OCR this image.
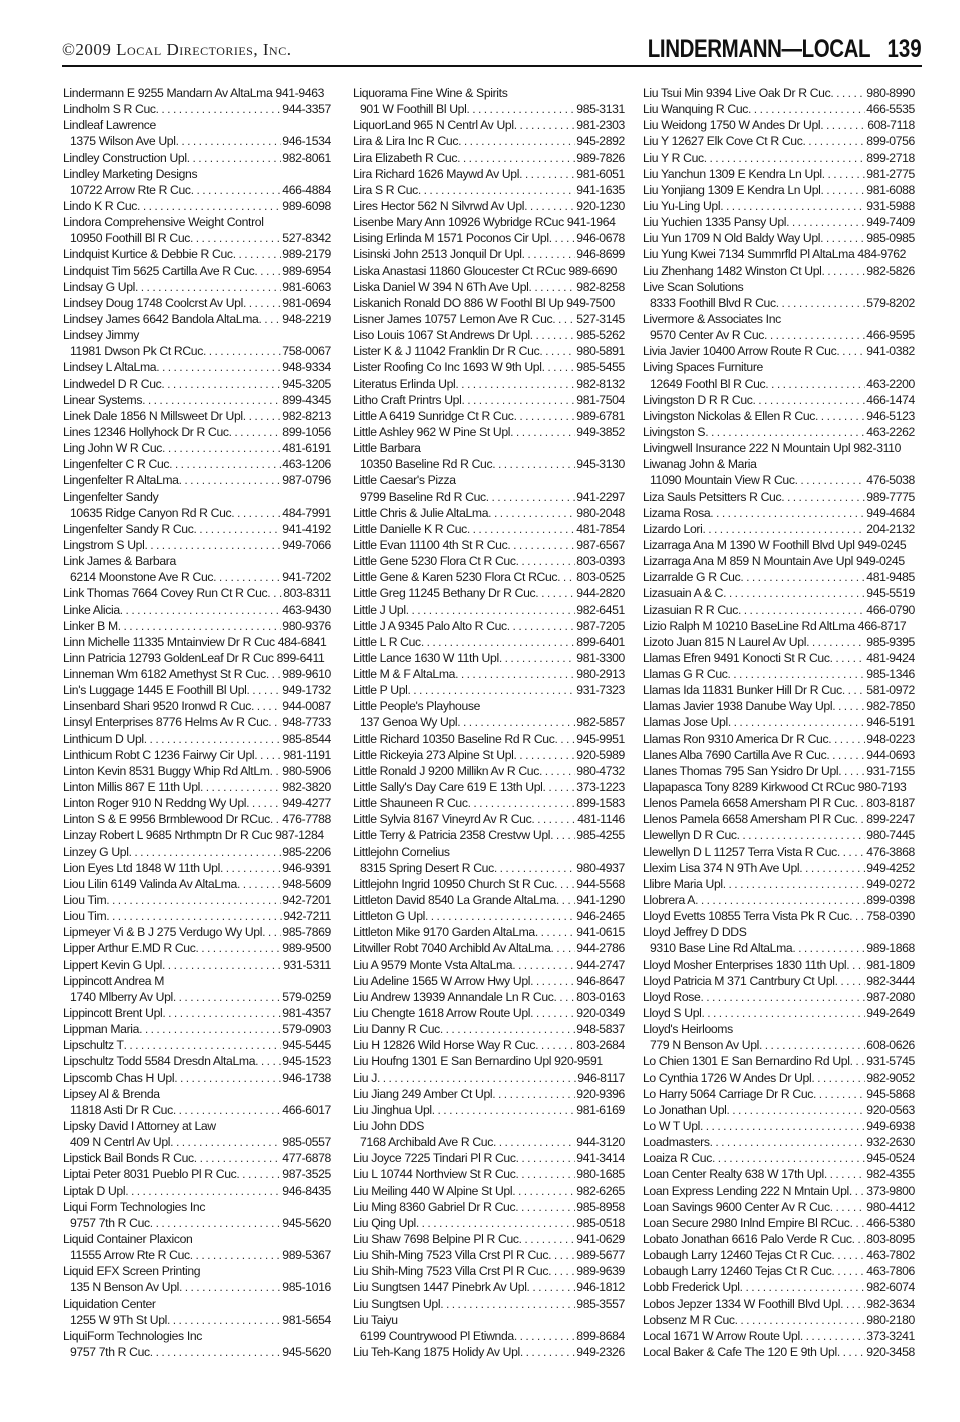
©2009 Local Directories, Inc.	LINDERMANN—LOCAL 139
Lindermann E 9255 Mandarn Av AltaLma 941-9463
Lindholm S R Cuc . . .	944-3357
Lindleaf Lawrence
1375 Wilson Ave Upl . . .	946-1534
Lindley Construction Upl . . .	982-8061
Lindley Marketing Designs
10722 Arrow Rte R Cuc . . .	466-4884
Lindo K R Cuc . . .	989-6098
Lindora Comprehensive Weight Control
10950 Foothill Bl R Cuc . . .	527-8342
Lindquist Kurtice & Debbie R Cuc . . .	989-2179
Lindquist Tim 5625 Cartilla Ave R Cuc . . . 989-6954
Lindsay G Upl . . .	981-6063
Lindsey Doug 1748 Coolcrst Av Upl . . .	981-0694
Lindsey James 6642 Bandola AltaLma . . . 948-2219
Lindsey Jimmy
11981 Dwson Pk Ct RCuc . . .	758-0067
Lindsey L AltaLma . . .	948-9334
Lindwedel D R Cuc . . .	945-3205
Linear Systems . . .	899-4345
Linek Dale 1856 N Millsweet Dr Upl . . .	982-8213
Lines 12346 Hollyhock Dr R Cuc . . .	899-1056
Ling John W R Cuc . . .	481-6191
Lingenfelter C R Cuc . . .	463-1206
Lingenfelter R AltaLma . . .	987-0796
Lingenfelter Sandy
10635 Ridge Canyon Rd R Cuc . . .	484-7991
Lingenfelter Sandy R Cuc . . .	941-4192
Lingstrom S Upl . . .	949-7066
Link James & Barbara
6214 Moonstone Ave R Cuc . . .	941-7202
Link Thomas 7664 Covey Run Ct R Cuc . . . 803-8311
Linke Alicia . . .	463-9430
Linker B M . . .	980-9376
Linn Michelle 11335 Mntainview Dr R Cuc 484-6841
Linn Patricia 12793 GoldenLeaf Dr R Cuc 899-6411
Linneman Wm 6182 Amethyst St R Cuc . . . 989-9610
Lin's Luggage 1445 E Foothill Bl Upl . . .	949-1732
Linsenbard Shari 9520 Ironwd R Cuc . . .	944-0087
Linsyl Enterprises 8776 Helms Av R Cuc . . . 948-7733
Linthicum D Upl . . .	985-8544
Linthicum Robt C 1236 Fairwy Cir Upl . . . 981-1191
Linton Kevin 8531 Buggy Whip Rd AltLm . . . 980-5906
Linton Millis 867 E 11th Upl . . .	982-3820
Linton Roger 910 N Reddng Wy Upl . . .	949-4277
Linton S & E 9956 Brmblewood Dr RCuc . . . 476-7788
Linzay Robert L 9685 Nrthmptn Dr R Cuc 987-1284
Linzey G Upl . . .	985-2206
Lion Eyes Ltd 1848 W 11th Upl . . .	946-9391
Liou Lilin 6149 Valinda Av AltaLma . . .	948-5609
Liou Tim . . .	942-7201
Liou Tim . . .	942-7211
Lipmeyer Vi & B J 275 Verdugo Wy Upl . . . 985-7869
Lipper Arthur E.MD R Cuc . . .	989-9500
Lippert Kevin G Upl . . .	931-5311
Lippincott Andrea M
1740 Mlberry Av Upl . . .	579-0259
Lippincott Brent Upl . . .	981-4357
Lippman Maria . . .	579-0903
Lipschultz T . . .	945-5445
Lipschultz Todd 5584 Dresdn AltaLma . . . 945-1523
Lipscomb Chas H Upl . . .	946-1738
Lipsey Al & Brenda
11818 Asti Dr R Cuc . . .	466-6017
Lipsky David I Attorney at Law
409 N Centrl Av Upl . . .	985-0557
Lipstick Bail Bonds R Cuc . . .	477-6878
Liptai Peter 8031 Pueblo Pl R Cuc . . .	987-3525
Liptak D Upl . . .	946-8435
Liqui Form Technologies Inc
9757 7th R Cuc . . .	945-5620
Liquid Container Plaxicon
11555 Arrow Rte R Cuc . . .	989-5367
Liquid EFX Screen Printing
135 N Benson Av Upl . . .	985-1016
Liquidation Center
1255 W 9Th St Upl . . .	981-5654
LiquiForm Technologies Inc
9757 7th R Cuc . . .	945-5620
Liquorama Fine Wine & Spirits
901 W Foothill Bl Upl . . .	985-3131
LiquorLand 965 N Centrl Av Upl . . .	981-2303
Lira & Lira Inc R Cuc . . .	945-2892
Lira Elizabeth R Cuc . . .	989-7826
Lira Richard 1626 Maywd Av Upl . . .	981-6051
Lira S R Cuc . . .	941-1635
Lires Hector 562 N Silvrwd Av Upl . . .	920-1230
Lisenbe Mary Ann 10926 Wybridge RCuc 941-1964
Lising Erlinda M 1571 Poconos Cir Upl . . . 946-0678
Lisinski John 2513 Jonquil Dr Upl . . .	946-8699
Liska Anastasi 11860 Gloucester Ct RCuc 989-6690
Liska Daniel W 394 N 6Th Ave Upl . . .	982-8258
Liskanich Ronald DO 886 W Foothl Bl Up 949-7500
Lisner James 10757 Lemon Ave R Cuc . . . 527-3145
Liso Louis 1067 St Andrews Dr Upl . . .	985-5262
Lister K & J 11042 Franklin Dr R Cuc . . .	980-5891
Lister Roofing Co Inc 1693 W 9th Upl . . .	985-5455
Literatus Erlinda Upl . . .	982-8132
Litho Craft Printrs Upl . . .	981-7504
Little A 6419 Sunridge Ct R Cuc . . .	989-6781
Little Ashley 962 W Pine St Upl . . .	949-3852
Little Barbara
10350 Baseline Rd R Cuc . . .	945-3130
Little Caesar's Pizza
9799 Baseline Rd R Cuc . . .	941-2297
Little Chris & Julie AltaLma . . .	980-2048
Little Danielle K R Cuc . . .	481-7854
Little Evan 11100 4th St R Cuc . . .	987-6567
Little Gene 5230 Flora Ct R Cuc . . .	803-0393
Little Gene & Karen 5230 Flora Ct RCuc . . . 803-0525
Little Greg 11245 Bethany Dr R Cuc . . .	944-2820
Little J Upl . . .	982-6451
Little J A 9345 Palo Alto R Cuc . . .	987-7205
Little L R Cuc . . .	899-6401
Little Lance 1630 W 11th Upl . . .	981-3300
Little M & F AltaLma . . .	980-2913
Little P Upl . . .	931-7323
Little People's Playhouse
137 Genoa Wy Upl . . .	982-5857
Little Richard 10350 Baseline Rd R Cuc . . . 945-9951
Little Rickeyia 273 Alpine St Upl . . .	920-5989
Little Ronald J 9200 Millikn Av R Cuc . . .	980-4732
Little Sally's Day Care 619 E 13th Upl . . .	373-1223
Little Shauneen R Cuc . . .	899-1583
Little Sylvia 8167 Vineyrd Av R Cuc . . .	481-1146
Little Terry & Patricia 2358 Crestvw Upl . . . 985-4255
Littlejohn Cornelius
8315 Spring Desert R Cuc . . .	980-4937
Littlejohn Ingrid 10950 Church St R Cuc . . . 944-5568
Littleton David 8540 La Grande AltaLma . . . 941-1290
Littleton G Upl . . .	946-2465
Littleton Mike 9170 Garden AltaLma . . .	941-0615
Litwiller Robt 7040 Archibld Av AltaLma . . . 944-2786
Liu A 9579 Monte Vsta AltaLma . . .	944-2747
Liu Adeline 1565 W Arrow Hwy Upl . . .	946-8647
Liu Andrew 13939 Annandale Ln R Cuc . . . 803-0163
Liu Chengte 1618 Arrow Route Upl . . .	920-0349
Liu Danny R Cuc . . .	948-5837
Liu H 12826 Wild Horse Way R Cuc . . .	803-2684
Liu Houfng 1301 E San Bernardino Upl 920-9591
Liu J . . .	946-8117
Liu Jiang 249 Amber Ct Upl . . .	920-9396
Liu Jinghua Upl . . .	981-6169
Liu John DDS
7168 Archibald Ave R Cuc . . .	944-3120
Liu Joyce 7225 Tindari Pl R Cuc . . .	941-3414
Liu L 10744 Northview St R Cuc . . .	980-1685
Liu Meiling 440 W Alpine St Upl . . .	982-6265
Liu Ming 8360 Gabriel Dr R Cuc . . .	985-8958
Liu Qing Upl . . .	985-0518
Liu Shaw 7698 Belpine Pl R Cuc . . .	941-0629
Liu Shih-Ming 7523 Villa Crst Pl R Cuc . . . 989-5677
Liu Shih-Ming 7523 Villa Crst Pl R Cuc . . . 989-9639
Liu Sungtsen 1447 Pinebrk Av Upl . . .	946-1812
Liu Sungtsen Upl . . .	985-3557
Liu Taiyu
6199 Countrywood Pl Etiwnda . . .	899-8684
Liu Teh-Kang 1875 Holidy Av Upl . . .	949-2326
Liu Tsui Min 9394 Live Oak Dr R Cuc . . .	980-8990
Liu Wanquing R Cuc . . .	466-5535
Liu Weidong 1750 W Andes Dr Upl . . .	608-7118
Liu Y 12627 Elk Cove Ct R Cuc . . .	899-0756
Liu Y R Cuc . . .	899-2718
Liu Yanchun 1309 E Kendra Ln Upl . . .	981-2775
Liu Yonjiang 1309 E Kendra Ln Upl . . .	981-6088
Liu Yu-Ling Upl . . .	931-5988
Liu Yuchien 1335 Pansy Upl . . .	949-7409
Liu Yun 1709 N Old Baldy Way Upl . . .	985-0985
Liu Yung Kwei 7134 Summrfld Pl AltaLma 484-9762
Liu Zhenhang 1482 Winston Ct Upl . . .	982-5826
Live Scan Solutions
8333 Foothill Blvd R Cuc . . .	579-8202
Livermore & Associates Inc
9570 Center Av R Cuc . . .	466-9595
Livia Javier 10400 Arrow Route R Cuc . . . 941-0382
Living Spaces Furniture
12649 Foothl Bl R Cuc . . .	463-2200
Livingston D R R Cuc . . .	466-1474
Livingston Nickolas & Ellen R Cuc . . .	946-5123
Livingston S . . .	463-2262
Livingwell Insurance 222 N Mountain Upl 982-3110
Liwanag John & Maria
11090 Mountain View R Cuc . . .	476-5038
Liza Sauls Petsitters R Cuc . . .	989-7775
Lizama Rosa . . .	949-4684
Lizardo Lori . . .	204-2132
Lizarraga Ana M 1390 W Foothill Blvd Upl 949-0245
Lizarraga Ana M 859 N Mountain Ave Upl 949-0245
Lizarralde G R Cuc . . .	481-9485
Lizasuain A & C . . .	945-5519
Lizasuian R R Cuc . . .	466-0790
Lizio Ralph M 10210 BaseLine Rd AltLma 466-8717
Lizoto Juan 815 N Laurel Av Upl . . .	985-9395
Llamas Efren 9491 Konocti St R Cuc . . .	481-9424
Llamas G R Cuc . . .	985-1346
Llamas Ida 11831 Bunker Hill Dr R Cuc . . . 581-0972
Llamas Javier 1938 Danube Way Upl . . .	982-7850
Llamas Jose Upl . . .	946-5191
Llamas Ron 9310 America Dr R Cuc . . .	948-0223
Llanes Alba 7690 Cartilla Ave R Cuc . . .	944-0693
Llanes Thomas 795 San Ysidro Dr Upl . . . 931-7155
Llapapasca Tony 8289 Kirkwood Ct RCuc 980-7193
Llenos Pamela 6658 Amersham Pl R Cuc . . . 803-8187
Llenos Pamela 6658 Amersham Pl R Cuc . . . 899-2247
Llewellyn D R Cuc . . .	980-7445
Llewellyn D L 11257 Terra Vista R Cuc . . . 476-3868
Llexim Lisa 374 N 9Th Ave Upl . . .	949-4252
Llibre Maria Upl . . .	949-0272
Llobrera A . . .	899-0398
Lloyd Evetts 10855 Terra Vista Pk R Cuc . . . 758-0390
Lloyd Jeffrey D DDS
9310 Base Line Rd AltaLma . . .	989-1868
Lloyd Mosher Enterprises 1830 11th Upl . . . 981-1809
Lloyd Patricia M 371 Cantrbury Ct Upl . . .	982-3444
Lloyd Rose . . .	987-2080
Lloyd S Upl . . .	949-2649
Lloyd's Heirlooms
779 N Benson Av Upl . . .	608-0626
Lo Chien 1301 E San Bernardino Rd Upl . . . 931-5745
Lo Cynthia 1726 W Andes Dr Upl . . .	982-9052
Lo Harry 5064 Carriage Dr R Cuc . . .	945-5868
Lo Jonathan Upl . . .	920-0563
Lo W T Upl . . .	949-6938
Loadmasters . . .	932-2630
Loaiza R Cuc . . .	945-0524
Loan Center Realty 638 W 17th Upl . . .	982-4355
Loan Express Lending 222 N Mntain Upl . . . 373-9800
Loan Savings 9600 Center Av R Cuc . . .	980-4412
Loan Secure 2980 Inlnd Empire Bl RCuc . . . 466-5380
Lobato Jonathan 6616 Palo Verde R Cuc . . . 803-8095
Lobaugh Larry 12460 Tejas Ct R Cuc . . .	463-7802
Lobaugh Larry 12460 Tejas Ct R Cuc . . .	463-7806
Lobb Frederick Upl . . .	982-6074
Lobos Jepzer 1334 W Foothill Blvd Upl . . . 982-3634
Lobsenz M R Cuc . . .	980-2180
Local 1671 W Arrow Route Upl . . .	373-3241
Local Baker & Cafe The 120 E 9th Upl . . . 920-3458
